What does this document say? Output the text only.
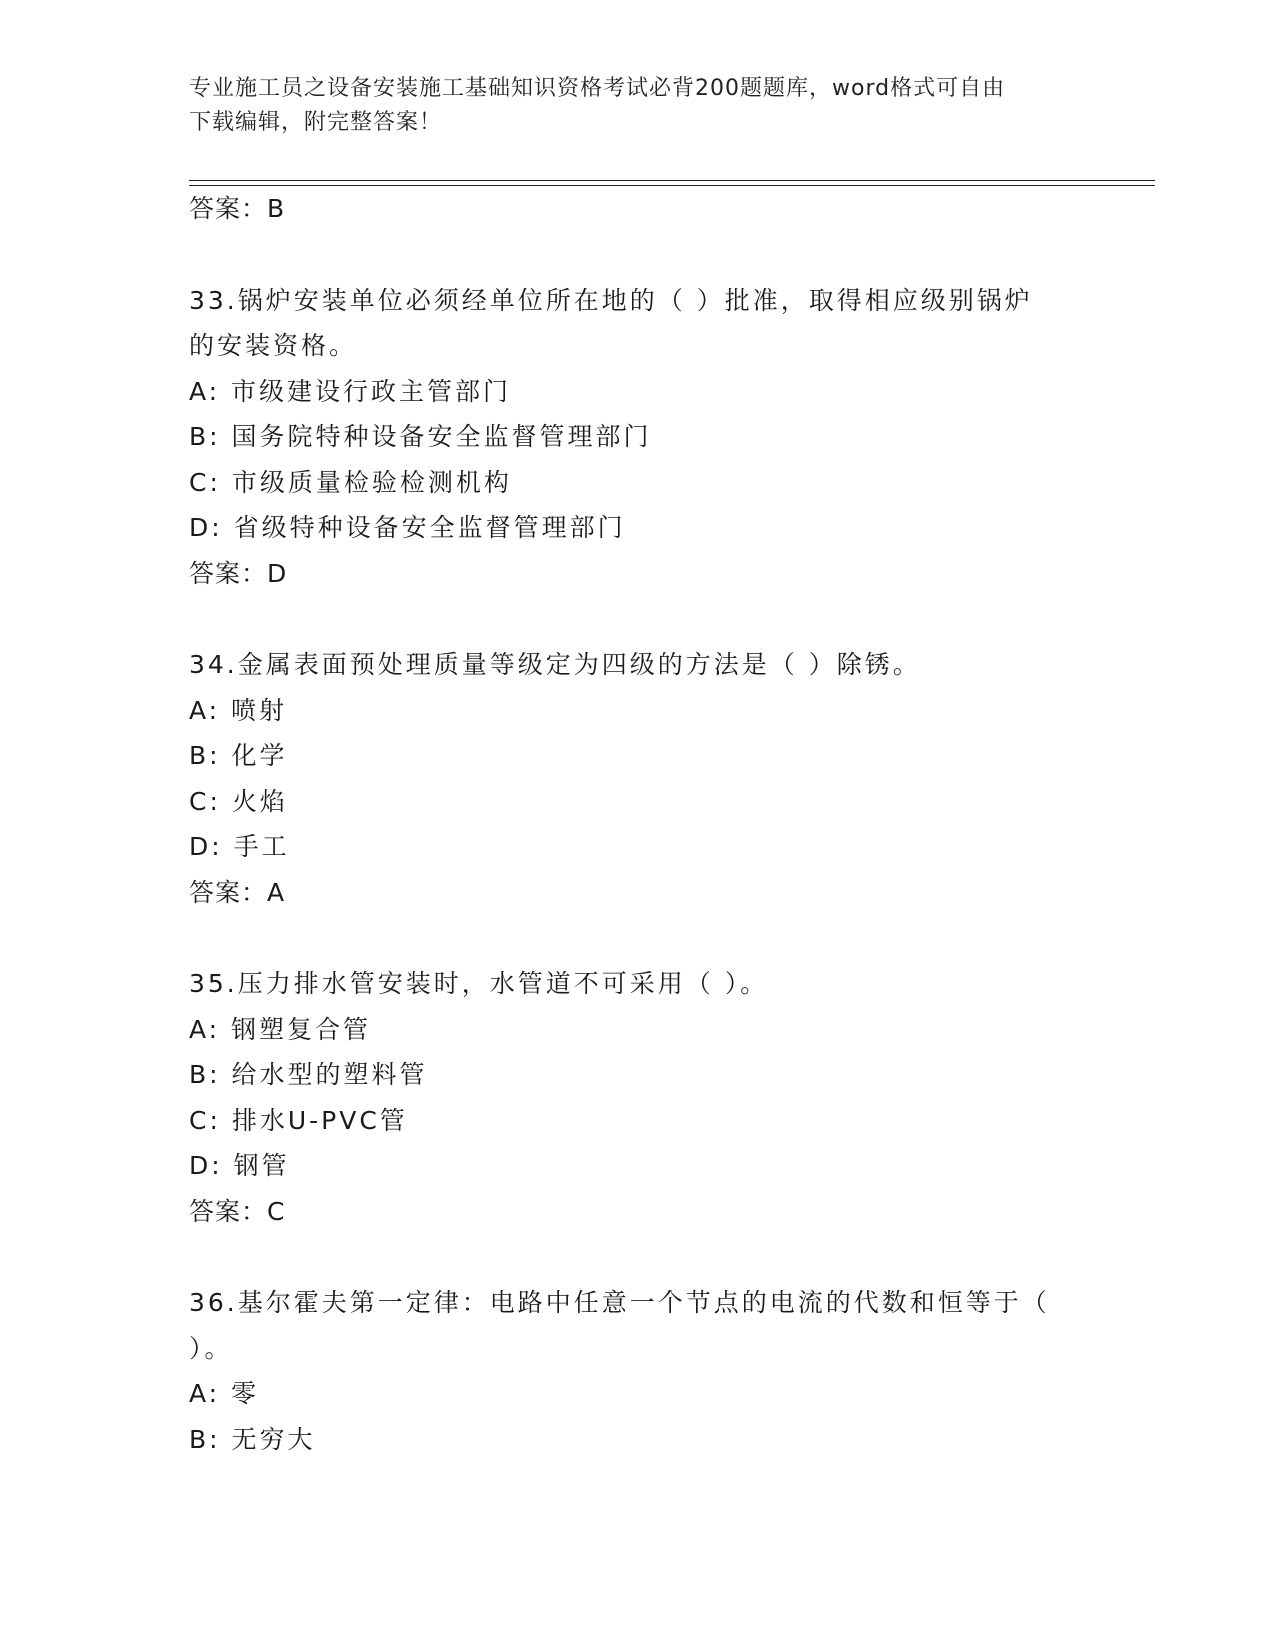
专业施工员之设备安装施工基础知识资格考试必背200题题库，word格式可自由
下载编辑，附完整答案！
答案：B
33.锅炉安装单位必须经单位所在地的（ ）批准，取得相应级别锅炉
的安装资格。
A: 市级建设行政主管部门
B: 国务院特种设备安全监督管理部门
C: 市级质量检验检测机构
D: 省级特种设备安全监督管理部门
答案：D
34.金属表面预处理质量等级定为四级的方法是（ ）除锈。
A: 喷射
B: 化学
C: 火焰
D: 手工
答案：A
35.压力排水管安装时，水管道不可采用（ ）。
A: 钢塑复合管
B: 给水型的塑料管
C: 排水U-PVC管
D: 钢管
答案：C
36.基尔霍夫第一定律：电路中任意一个节点的电流的代数和恒等于（
）。
A: 零
B: 无穷大
